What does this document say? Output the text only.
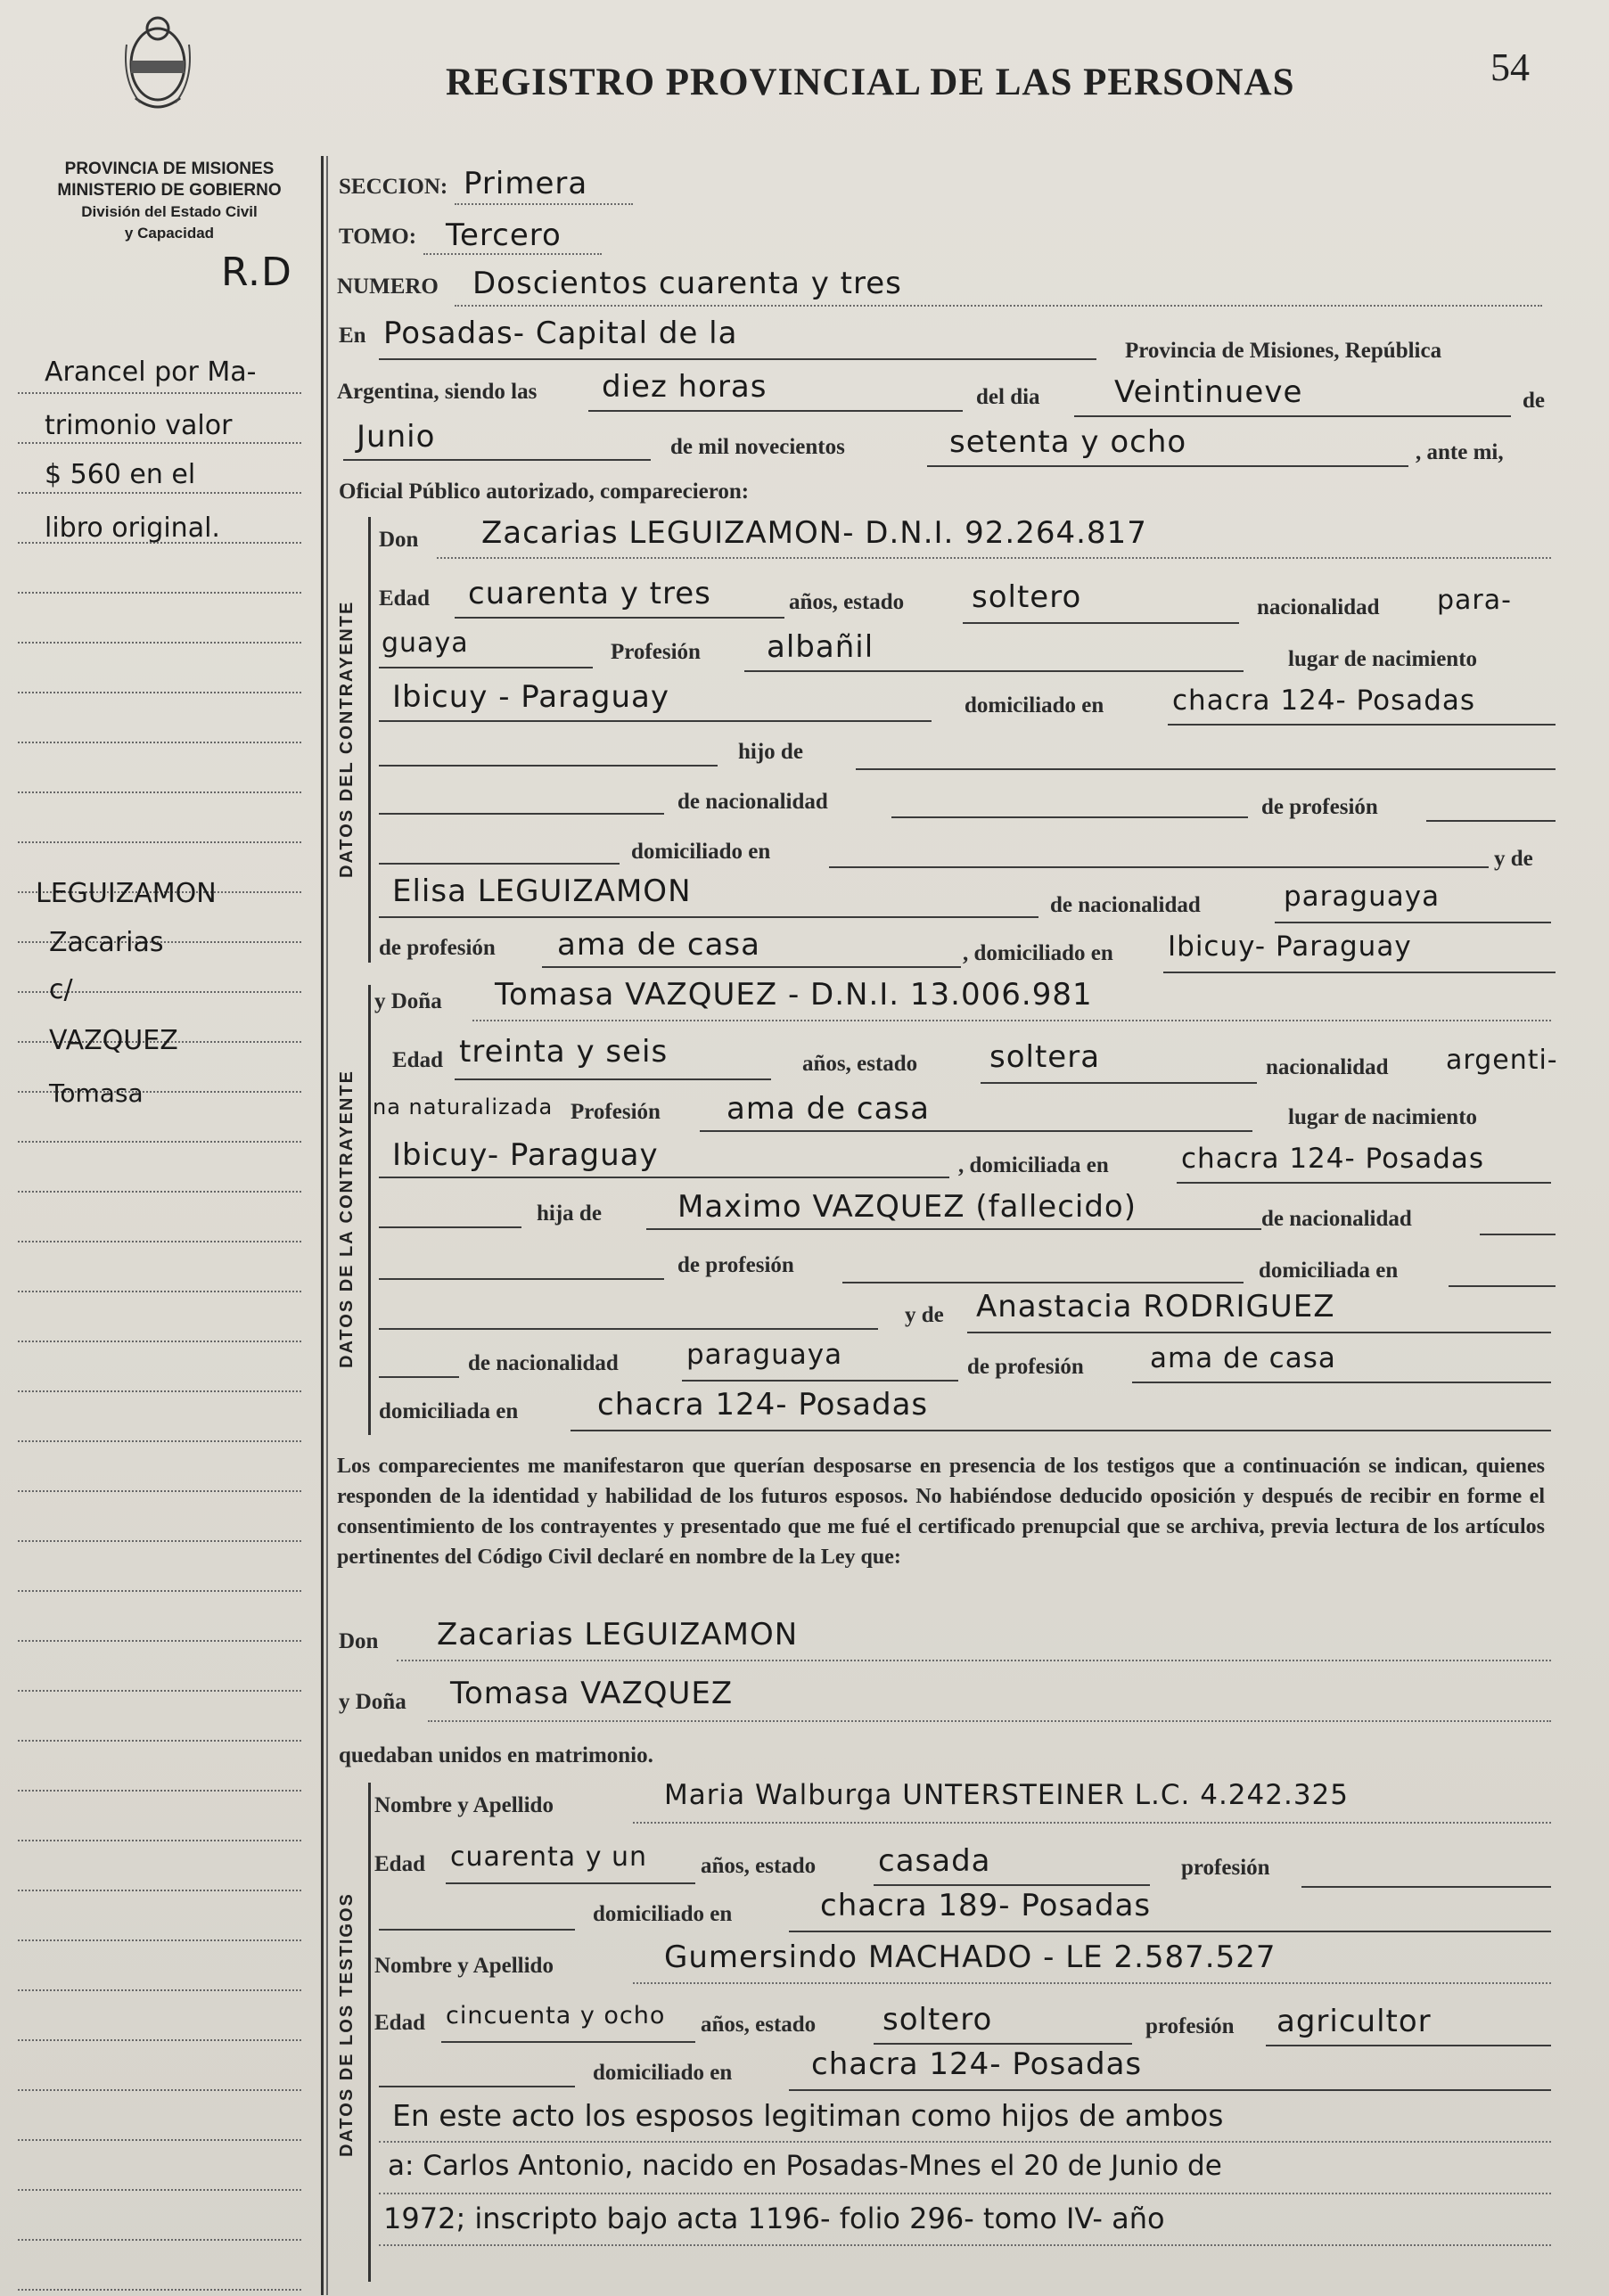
REGISTRO PROVINCIAL DE LAS PERSONAS	54
PROVINCIA DE MISIONES
MINISTERIO DE GOBIERNO
División del Estado Civil
y Capacidad
R.D
Arancel por Ma-
trimonio valor
$ 560 en el
libro original.
LEGUIZAMON
Zacarias
c/
VAZQUEZ
Tomasa
SECCION: Primera
TOMO: Tercero
NUMERO Doscientos cuarenta y tres
En Posadas- Capital de la	Provincia de Misiones, República
Argentina, siendo las diez horas	del dia Veintinueve	de
Junio	de mil novecientos	setenta y ocho	, ante mi,
Oficial Público autorizado, comparecieron:
DATOS DEL CONTRAYENTE
Don Zacarias LEGUIZAMON- D.N.I. 92.264.817
Edad cuarenta y tres	años, estado soltero	nacionalidad para-
guaya	Profesión albañil	lugar de nacimiento
Ibicuy - Paraguay	domiciliado en chacra 124- Posadas
hijo de
de nacionalidad	de profesión
domiciliado en	y de
Elisa LEGUIZAMON	de nacionalidad	paraguaya
de profesión ama de casa	, domiciliado en Ibicuy- Paraguay
DATOS DE LA CONTRAYENTE
y Doña Tomasa VAZQUEZ - D.N.I. 13.006.981
Edad treinta y seis	años, estado soltera	nacionalidad argenti-
na naturalizada Profesión ama de casa	lugar de nacimiento
Ibicuy- Paraguay	, domiciliada en	chacra 124- Posadas
hija de	Maximo VAZQUEZ (fallecido)	de nacionalidad
de profesión	domiciliada en
y de Anastacia RODRIGUEZ
de nacionalidad paraguaya	de profesión ama de casa
domiciliada en	chacra 124- Posadas
Los comparecientes me manifestaron que querían desposarse en presencia de los testigos que a continuación se indican, quienes responden de la identidad y habilidad de los futuros esposos. No habiéndose deducido oposición y después de recibir en forme el consentimiento de los contrayentes y presentado que me fué el certificado prenupcial que se archiva, previa lectura de los artículos pertinentes del Código Civil declaré en nombre de la Ley que:
Don Zacarias LEGUIZAMON
y Doña Tomasa VAZQUEZ
quedaban unidos en matrimonio.
DATOS DE LOS TESTIGOS
Nombre y Apellido	Maria Walburga UNTERSTEINER L.C. 4.242.325
Edad cuarenta y un años, estado casada	profesión
domiciliado en	chacra 189- Posadas
Nombre y Apellido	Gumersindo MACHADO - LE 2.587.527
Edad cincuenta y ocho años, estado soltero	profesión agricultor
domiciliado en	chacra 124- Posadas
En este acto los esposos legitiman como hijos de ambos
a: Carlos Antonio, nacido en Posadas-Mnes el 20 de Junio de
1972; inscripto bajo acta 1196- folio 296- tomo IV- año
